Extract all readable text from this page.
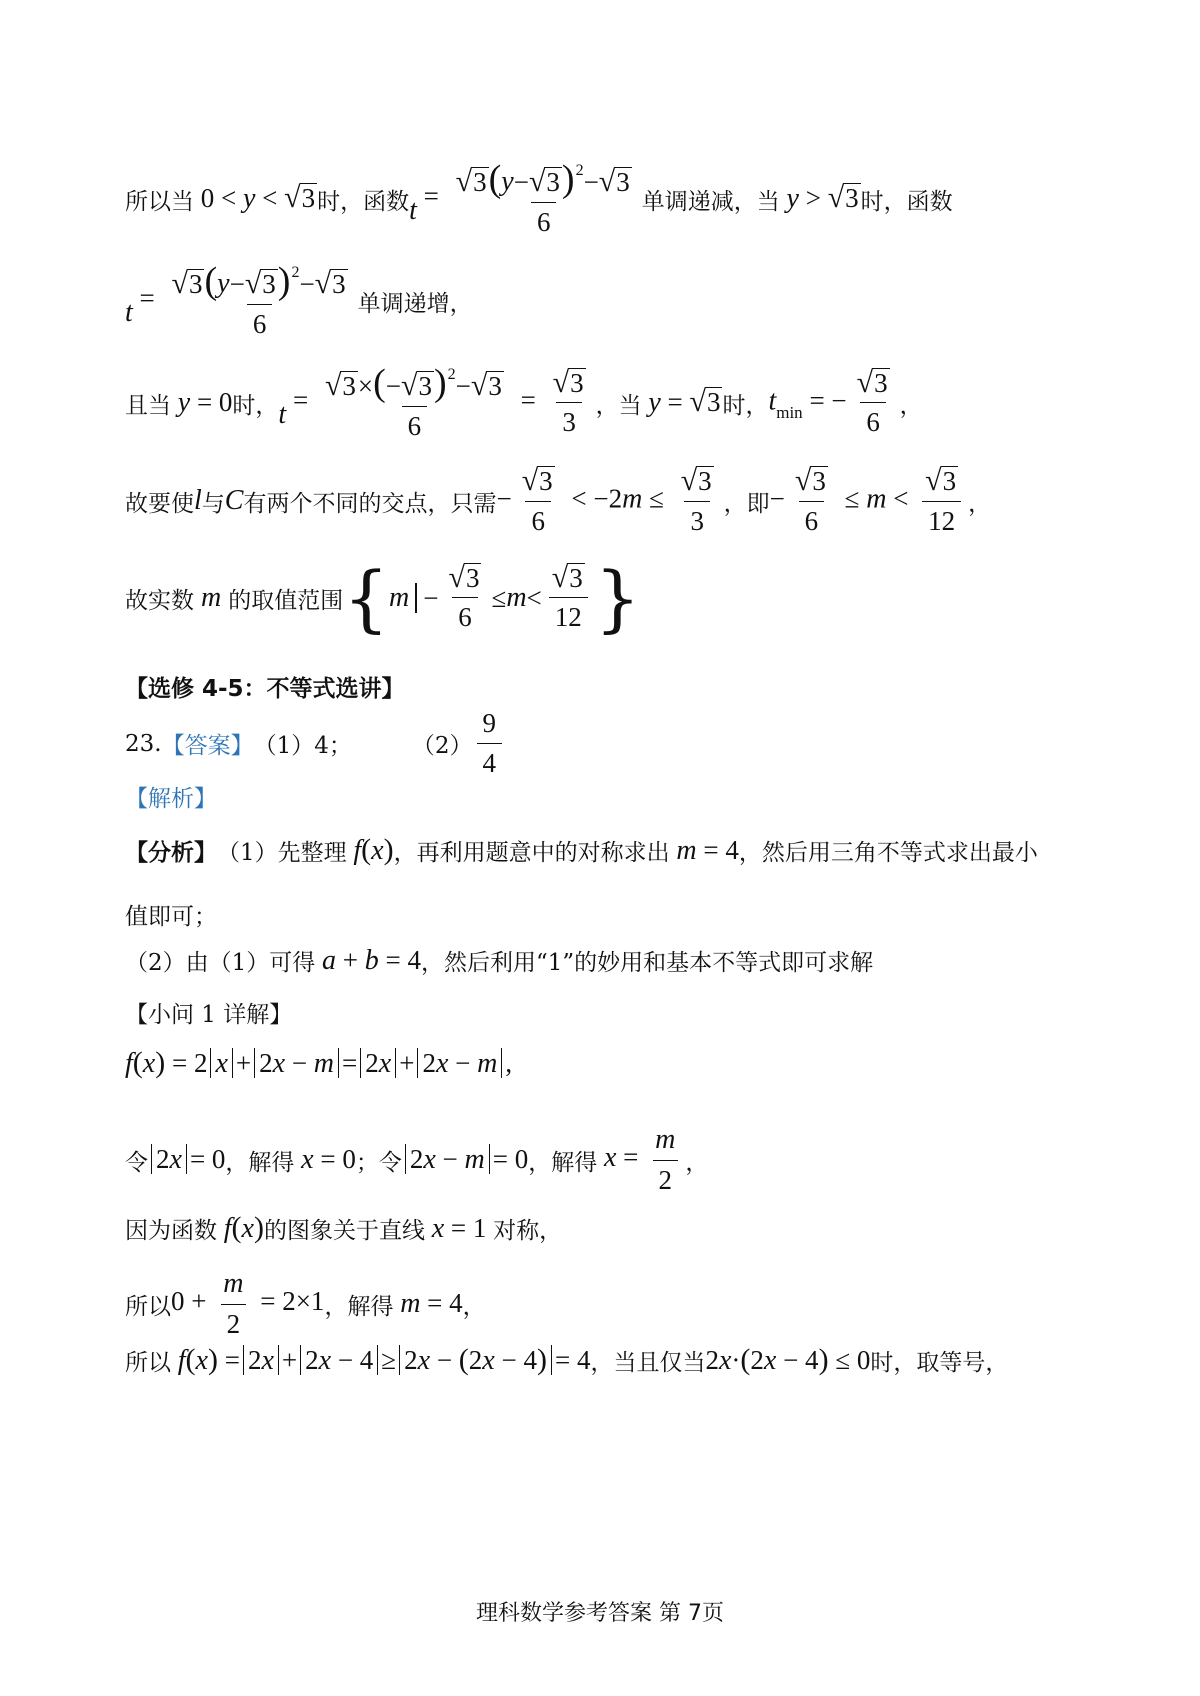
所以当 0 < y < √ 3 时，函数 $t = \frac{√ 3 ( y - √ 3 ) 2 - √ 3}{6}$ 单调递减，当 y > √ 3 时，函数
$t = \frac{√ 3 ( y - √ 3 ) 2 - √ 3}{6}$ 单调递增，
且当 y = 0 时， $t = \frac{√ 3 \times ( - √ 3 ) 2 - √ 3}{6} = \frac{√ 3}{3}$ ，当 y = √ 3 时， $t_{min}$ = − $\frac{√ 3}{6}$ ，
故要使 l 与 C 有两个不同的交点，只需 − $\frac{√ 3}{6} < -2m \le \frac{√ 3}{3}$ ，即 − $\frac{√ 3}{6} \le m < \frac{√ 3}{12}$ ，
故实数 m 的取值范围 { $m - \frac{√ 3}{6} \le m < \frac{√ 3}{12}$ }
【选修 4-5：不等式选讲】
23. 【答案】 （1）4；	$(2) \frac{9}{4}$
【解析】
【分析】 （1）先整理 f(x) ，再利用题意中的对称求出 m = 4 ，然后用三角不等式求出最小
值即可；
（2）由（1）可得 a + b = 4 ，然后利用“1”的妙用和基本不等式即可求解
【小问 1 详解】
f(x) = 2 x + 2x − m = 2x + 2x − m ,
令 2x = 0 ，解得 x = 0 ；令 2x − m = 0 ，解得 $x = \frac{m}{2}$ ，
因为函数 f(x) 的图象关于直线 x = 1 对称，
所以 $0 + \frac{m}{2} = 2\times 1$ ，解得 m = 4 ，
所以 f(x) = 2x + 2x − 4 ≥ 2x − (2x − 4) = 4 ，当且仅当 2x·(2x − 4) ≤ 0 时，取等号，
理科数学参考答案 第 7页
